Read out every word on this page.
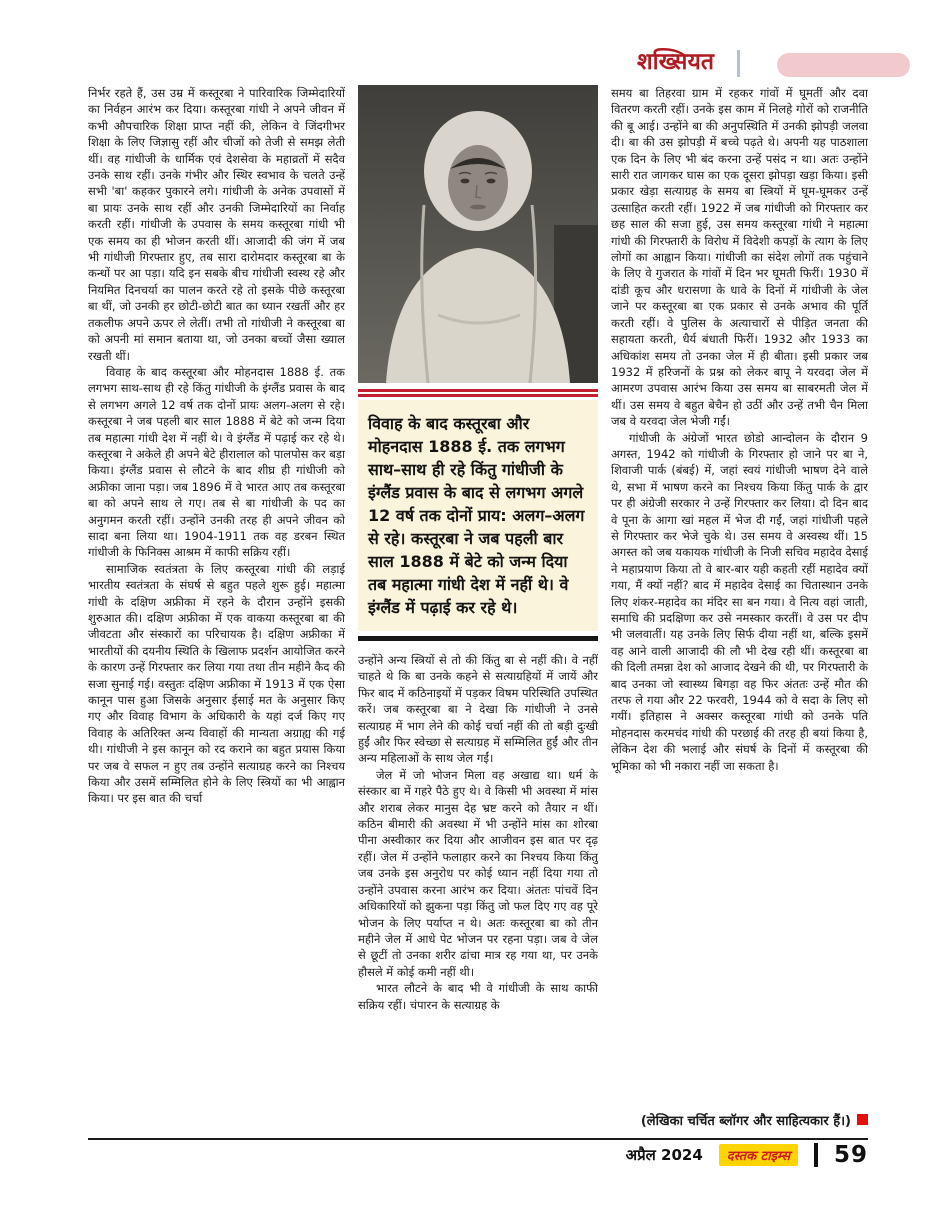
शख्सियत

निर्भर रहते हैं, उस उम्र में कस्तूरबा ने पारिवारिक जिम्मेदारियों का निर्वहन आरंभ कर दिया। कस्तूरबा गांधी ने अपने जीवन में कभी औपचारिक शिक्षा प्राप्त नहीं की, लेकिन वे जिंदगीभर शिक्षा के लिए जिज्ञासु रहीं और चीजों को तेजी से समझ लेती थीं। वह गांधीजी के धार्मिक एवं देशसेवा के महाव्रतों में सदैव उनके साथ रहीं। उनके गंभीर और स्थिर स्वभाव के चलते उन्हें सभी 'बा' कहकर पुकारने लगे। गांधीजी के अनेक उपवासों में बा प्रायः उनके साथ रहीं और उनकी जिम्मेदारियों का निर्वाह करती रहीं। गांधीजी के उपवास के समय कस्तूरबा गांधी भी एक समय का ही भोजन करती थीं। आजादी की जंग में जब भी गांधीजी गिरफ्तार हुए, तब सारा दारोमदार कस्तूरबा बा के कन्धों पर आ पड़ा। यदि इन सबके बीच गांधीजी स्वस्थ रहे और नियमित दिनचर्या का पालन करते रहे तो इसके पीछे कस्तूरबा बा थीं, जो उनकी हर छोटी-छोटी बात का ध्यान रखतीं और हर तकलीफ अपने ऊपर ले लेतीं। तभी तो गांधीजी ने कस्तूरबा बा को अपनी मां समान बताया था, जो उनका बच्चों जैसा ख्याल रखती थीं।

विवाह के बाद कस्तूरबा और मोहनदास 1888 ई. तक लगभग साथ-साथ ही रहे किंतु गांधीजी के इंग्लैंड प्रवास के बाद से लगभग अगले 12 वर्ष तक दोनों प्रायः अलग-अलग से रहे। कस्तूरबा ने जब पहली बार साल 1888 में बेटे को जन्म दिया तब महात्मा गांधी देश में नहीं थे। वे इंग्लैंड में पढ़ाई कर रहे थे। कस्तूरबा ने अकेले ही अपने बेटे हीरालाल को पालपोस कर बड़ा किया। इंग्लैंड प्रवास से लौटने के बाद शीघ्र ही गांधीजी को अफ्रीका जाना पड़ा। जब 1896 में वे भारत आए तब कस्तूरबा बा को अपने साथ ले गए। तब से बा गांधीजी के पद का अनुगमन करती रहीं। उन्होंने उनकी तरह ही अपने जीवन को सादा बना लिया था। 1904-1911 तक वह डरबन स्थित गांधीजी के फिनिक्स आश्रम में काफी सक्रिय रहीं।

सामाजिक स्वतंत्रता के लिए कस्तूरबा गांधी की लड़ाई भारतीय स्वतंत्रता के संघर्ष से बहुत पहले शुरू हुई। महात्मा गांधी के दक्षिण अफ्रीका में रहने के दौरान उन्होंने इसकी शुरुआत की। दक्षिण अफ्रीका में एक वाकया कस्तूरबा बा की जीवटता और संस्कारों का परिचायक है। दक्षिण अफ्रीका में भारतीयों की दयनीय स्थिति के खिलाफ प्रदर्शन आयोजित करने के कारण उन्हें गिरफ्तार कर लिया गया तथा तीन महीने कैद की सजा सुनाई गई। वस्तुतः दक्षिण अफ्रीका में 1913 में एक ऐसा कानून पास हुआ जिसके अनुसार ईसाई मत के अनुसार किए गए और विवाह विभाग के अधिकारी के यहां दर्ज किए गए विवाह के अतिरिक्त अन्य विवाहों की मान्यता अग्राह्य की गई थी। गांधीजी ने इस कानून को रद कराने का बहुत प्रयास किया पर जब वे सफल न हुए तब उन्होंने सत्याग्रह करने का निश्चय किया और उसमें सम्मिलित होने के लिए स्त्रियों का भी आह्वान किया। पर इस बात की चर्चा

विवाह के बाद कस्तूरबा और मोहनदास 1888 ई. तक लगभग साथ–साथ ही रहे किंतु गांधीजी के इंग्लैंड प्रवास के बाद से लगभग अगले 12 वर्ष तक दोनों प्राय: अलग–अलग से रहे। कस्तूरबा ने जब पहली बार साल 1888 में बेटे को जन्म दिया तब महात्मा गांधी देश में नहीं थे। वे इंग्लैंड में पढ़ाई कर रहे थे।

उन्होंने अन्य स्त्रियों से तो की किंतु बा से नहीं की। वे नहीं चाहते थे कि बा उनके कहने से सत्याग्रहियों में जायें और फिर बाद में कठिनाइयों में पड़कर विषम परिस्थिति उपस्थित करें। जब कस्तूरबा बा ने देखा कि गांधीजी ने उनसे सत्याग्रह में भाग लेने की कोई चर्चा नहीं की तो बड़ी दुःखी हुईं और फिर स्वेच्छा से सत्याग्रह में सम्मिलित हुईं और तीन अन्य महिलाओं के साथ जेल गईं।

जेल में जो भोजन मिला वह अखाद्य था। धर्म के संस्कार बा में गहरे पैठे हुए थे। वे किसी भी अवस्था में मांस और शराब लेकर मानुस देह भ्रष्ट करने को तैयार न थीं। कठिन बीमारी की अवस्था में भी उन्होंने मांस का शोरबा पीना अस्वीकार कर दिया और आजीवन इस बात पर दृढ़ रहीं। जेल में उन्होंने फलाहार करने का निश्चय किया किंतु जब उनके इस अनुरोध पर कोई ध्यान नहीं दिया गया तो उन्होंने उपवास करना आरंभ कर दिया। अंततः पांचवें दिन अधिकारियों को झुकना पड़ा किंतु जो फल दिए गए वह पूरे भोजन के लिए पर्याप्त न थे। अतः कस्तूरबा बा को तीन महीने जेल में आधे पेट भोजन पर रहना पड़ा। जब वे जेल से छूटीं तो उनका शरीर ढांचा मात्र रह गया था, पर उनके हौसले में कोई कमी नहीं थी।

भारत लौटने के बाद भी वे गांधीजी के साथ काफी सक्रिय रहीं। चंपारन के सत्याग्रह के

समय बा तिहरवा ग्राम में रहकर गांवों में घूमतीं और दवा वितरण करती रहीं। उनके इस काम में निलहे गोरों को राजनीति की बू आई। उन्होंने बा की अनुपस्थिति में उनकी झोपड़ी जलवा दी। बा की उस झोपड़ी में बच्चे पढ़ते थे। अपनी यह पाठशाला एक दिन के लिए भी बंद करना उन्हें पसंद न था। अतः उन्होंने सारी रात जागकर घास का एक दूसरा झोपड़ा खड़ा किया। इसी प्रकार खेड़ा सत्याग्रह के समय बा स्त्रियों में घूम-घूमकर उन्हें उत्साहित करती रहीं। 1922 में जब गांधीजी को गिरफ्तार कर छह साल की सजा हुई, उस समय कस्तूरबा गांधी ने महात्मा गांधी की गिरफ्तारी के विरोध में विदेशी कपड़ों के त्याग के लिए लोगों का आह्वान किया। गांधीजी का संदेश लोगों तक पहुंचाने के लिए वे गुजरात के गांवों में दिन भर घूमती फिरीं। 1930 में दांडी कूच और धरासणा के धावे के दिनों में गांधीजी के जेल जाने पर कस्तूरबा बा एक प्रकार से उनके अभाव की पूर्ति करती रहीं। वे पुलिस के अत्याचारों से पीड़ित जनता की सहायता करती, धैर्य बंधाती फिरीं। 1932 और 1933 का अधिकांश समय तो उनका जेल में ही बीता। इसी प्रकार जब 1932 में हरिजनों के प्रश्न को लेकर बापू ने यरवदा जेल में आमरण उपवास आरंभ किया उस समय बा साबरमती जेल में थीं। उस समय वे बहुत बेचैन हो उठीं और उन्हें तभी चैन मिला जब वे यरवदा जेल भेजी गईं।

गांधीजी के अंग्रेजों भारत छोडो आन्दोलन के दौरान 9 अगस्त, 1942 को गांधीजी के गिरफ्तार हो जाने पर बा ने, शिवाजी पार्क (बंबई) में, जहां स्वयं गांधीजी भाषण देने वाले थे, सभा में भाषण करने का निश्चय किया किंतु पार्क के द्वार पर ही अंग्रेजी सरकार ने उन्हें गिरफ्तार कर लिया। दो दिन बाद वे पूना के आगा खां महल में भेज दी गईं, जहां गांधीजी पहले से गिरफ्तार कर भेजे चुके थे। उस समय वे अस्वस्थ थीं। 15 अगस्त को जब यकायक गांधीजी के निजी सचिव महादेव देसाई ने महाप्रयाण किया तो वे बार-बार यही कहती रहीं महादेव क्यों गया, मैं क्यों नहीं? बाद में महादेव देसाई का चितास्थान उनके लिए शंकर-महादेव का मंदिर सा बन गया। वे नित्य वहां जाती, समाधि की प्रदक्षिणा कर उसे नमस्कार करतीं। वे उस पर दीप भी जलवातीं। यह उनके लिए सिर्फ दीया नहीं था, बल्कि इसमें वह आने वाली आजादी की लौ भी देख रही थीं। कस्तूरबा बा की दिली तमन्ना देश को आजाद देखने की थी, पर गिरफ्तारी के बाद उनका जो स्वास्थ्य बिगड़ा वह फिर अंततः उन्हें मौत की तरफ ले गया और 22 फरवरी, 1944 को वे सदा के लिए सो गयीं। इतिहास ने अक्सर कस्तूरबा गांधी को उनके पति मोहनदास करमचंद गांधी की परछाई की तरह ही बयां किया है, लेकिन देश की भलाई और संघर्ष के दिनों में कस्तूरबा की भूमिका को भी नकारा नहीं जा सकता है।

(लेखिका चर्चित ब्लॉगर और साहित्यकार हैं।)
अप्रैल 2024	दस्तक टाइम्स	59
